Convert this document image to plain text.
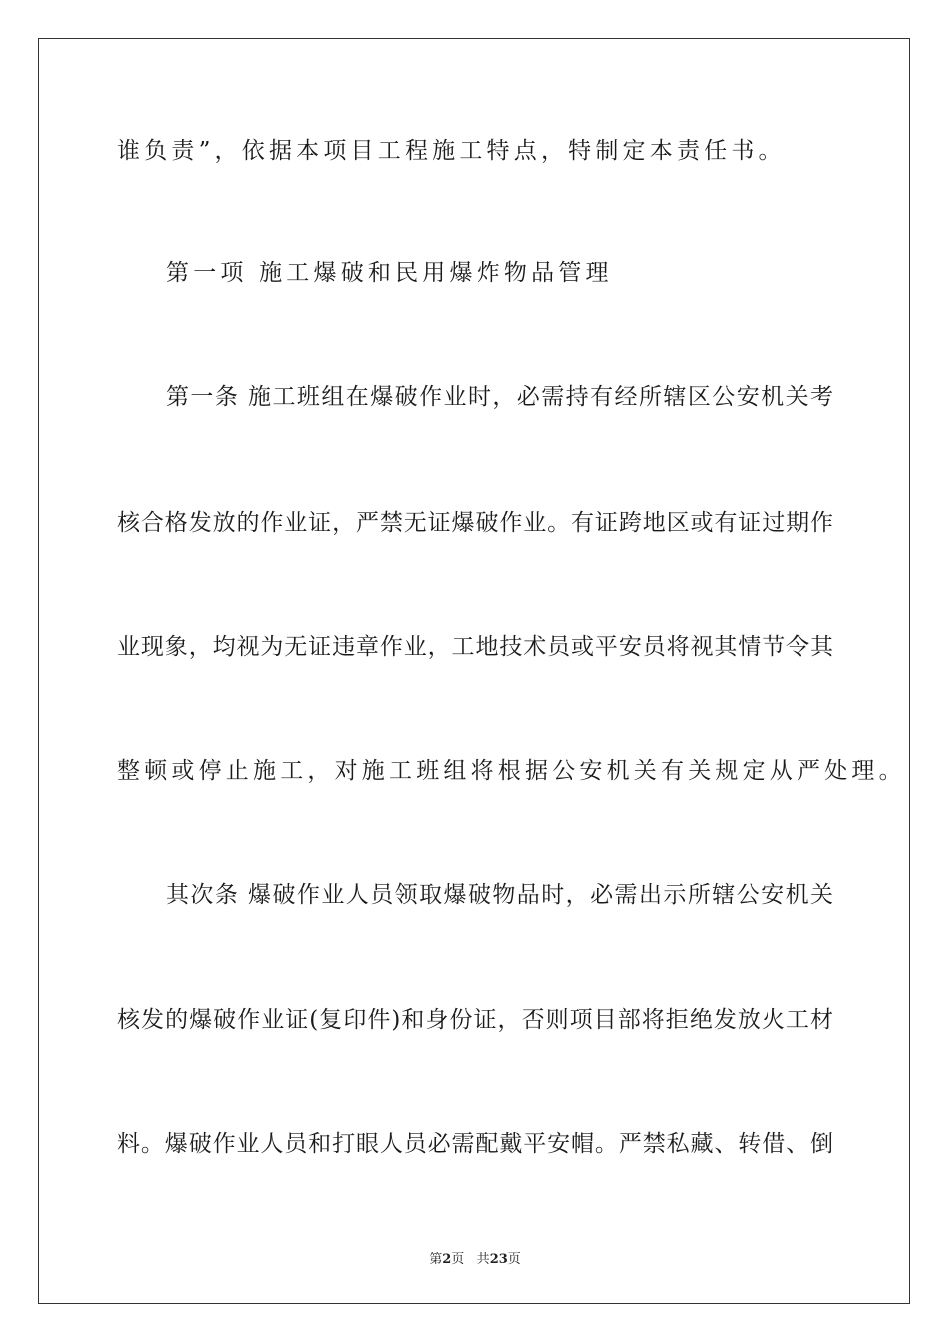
谁负责”，依据本项目工程施工特点，特制定本责任书。
第一项 施工爆破和民用爆炸物品管理
第一条 施工班组在爆破作业时，必需持有经所辖区公安机关考
核合格发放的作业证，严禁无证爆破作业。有证跨地区或有证过期作
业现象，均视为无证违章作业，工地技术员或平安员将视其情节令其
整顿或停止施工，对施工班组将根据公安机关有关规定从严处理。
其次条 爆破作业人员领取爆破物品时，必需出示所辖公安机关
核发的爆破作业证(复印件)和身份证，否则项目部将拒绝发放火工材
料。爆破作业人员和打眼人员必需配戴平安帽。严禁私藏、转借、倒
第2页 共23页
